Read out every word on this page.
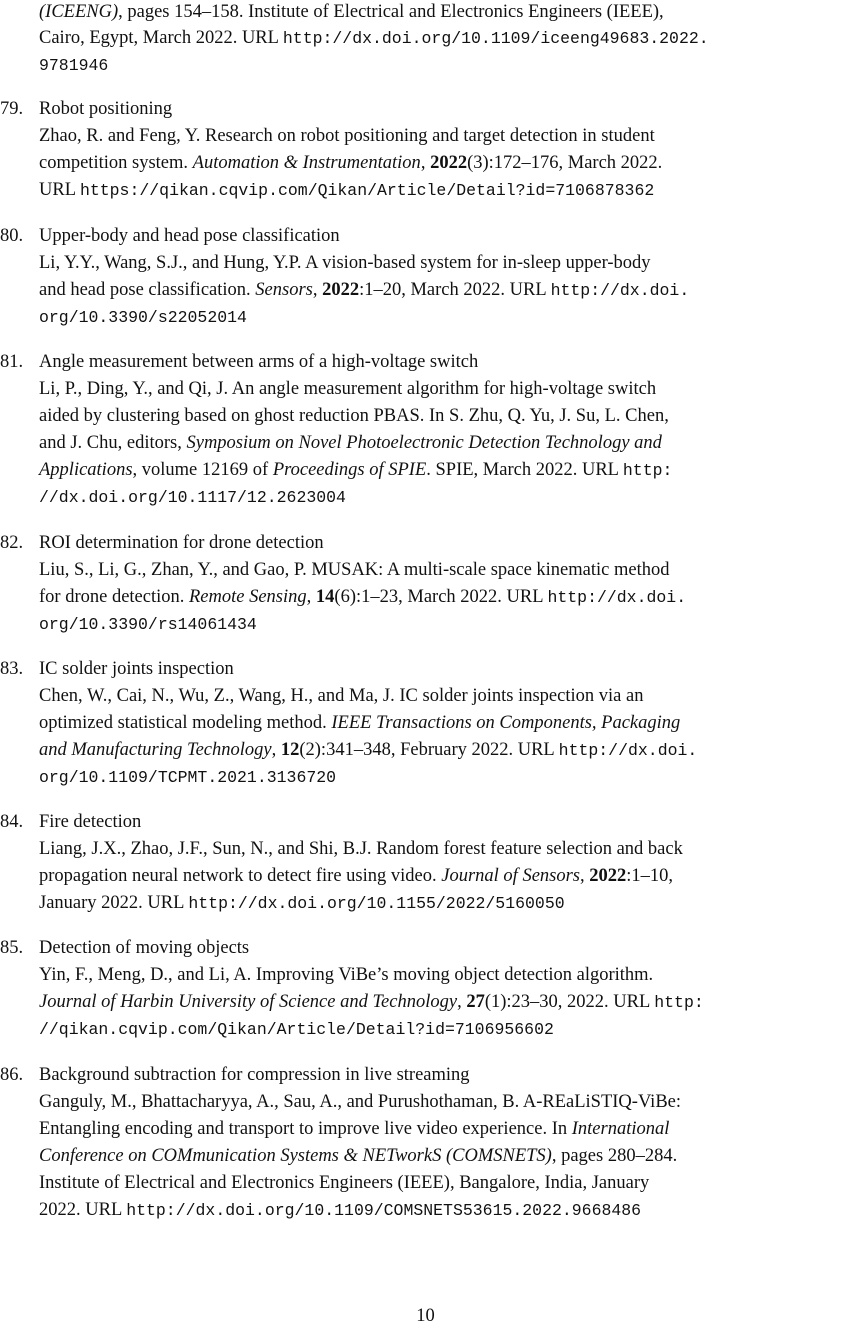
(ICEENG), pages 154–158. Institute of Electrical and Electronics Engineers (IEEE),
Cairo, Egypt, March 2022. URL http://dx.doi.org/10.1109/iceeng49683.2022.
9781946
79. Robot positioning
Zhao, R. and Feng, Y. Research on robot positioning and target detection in student
competition system. Automation & Instrumentation, 2022(3):172–176, March 2022.
URL https://qikan.cqvip.com/Qikan/Article/Detail?id=7106878362
80. Upper-body and head pose classification
Li, Y.Y., Wang, S.J., and Hung, Y.P. A vision-based system for in-sleep upper-body
and head pose classification. Sensors, 2022:1–20, March 2022. URL http://dx.doi.
org/10.3390/s22052014
81. Angle measurement between arms of a high-voltage switch
Li, P., Ding, Y., and Qi, J. An angle measurement algorithm for high-voltage switch
aided by clustering based on ghost reduction PBAS. In S. Zhu, Q. Yu, J. Su, L. Chen,
and J. Chu, editors, Symposium on Novel Photoelectronic Detection Technology and
Applications, volume 12169 of Proceedings of SPIE. SPIE, March 2022. URL http:
//dx.doi.org/10.1117/12.2623004
82. ROI determination for drone detection
Liu, S., Li, G., Zhan, Y., and Gao, P. MUSAK: A multi-scale space kinematic method
for drone detection. Remote Sensing, 14(6):1–23, March 2022. URL http://dx.doi.
org/10.3390/rs14061434
83. IC solder joints inspection
Chen, W., Cai, N., Wu, Z., Wang, H., and Ma, J. IC solder joints inspection via an
optimized statistical modeling method. IEEE Transactions on Components, Packaging
and Manufacturing Technology, 12(2):341–348, February 2022. URL http://dx.doi.
org/10.1109/TCPMT.2021.3136720
84. Fire detection
Liang, J.X., Zhao, J.F., Sun, N., and Shi, B.J. Random forest feature selection and back
propagation neural network to detect fire using video. Journal of Sensors, 2022:1–10,
January 2022. URL http://dx.doi.org/10.1155/2022/5160050
85. Detection of moving objects
Yin, F., Meng, D., and Li, A. Improving ViBe’s moving object detection algorithm.
Journal of Harbin University of Science and Technology, 27(1):23–30, 2022. URL http:
//qikan.cqvip.com/Qikan/Article/Detail?id=7106956602
86. Background subtraction for compression in live streaming
Ganguly, M., Bhattacharyya, A., Sau, A., and Purushothaman, B. A-REaLiSTIQ-ViBe:
Entangling encoding and transport to improve live video experience. In International
Conference on COMmunication Systems & NETworkS (COMSNETS), pages 280–284.
Institute of Electrical and Electronics Engineers (IEEE), Bangalore, India, January
2022. URL http://dx.doi.org/10.1109/COMSNETS53615.2022.9668486
10
